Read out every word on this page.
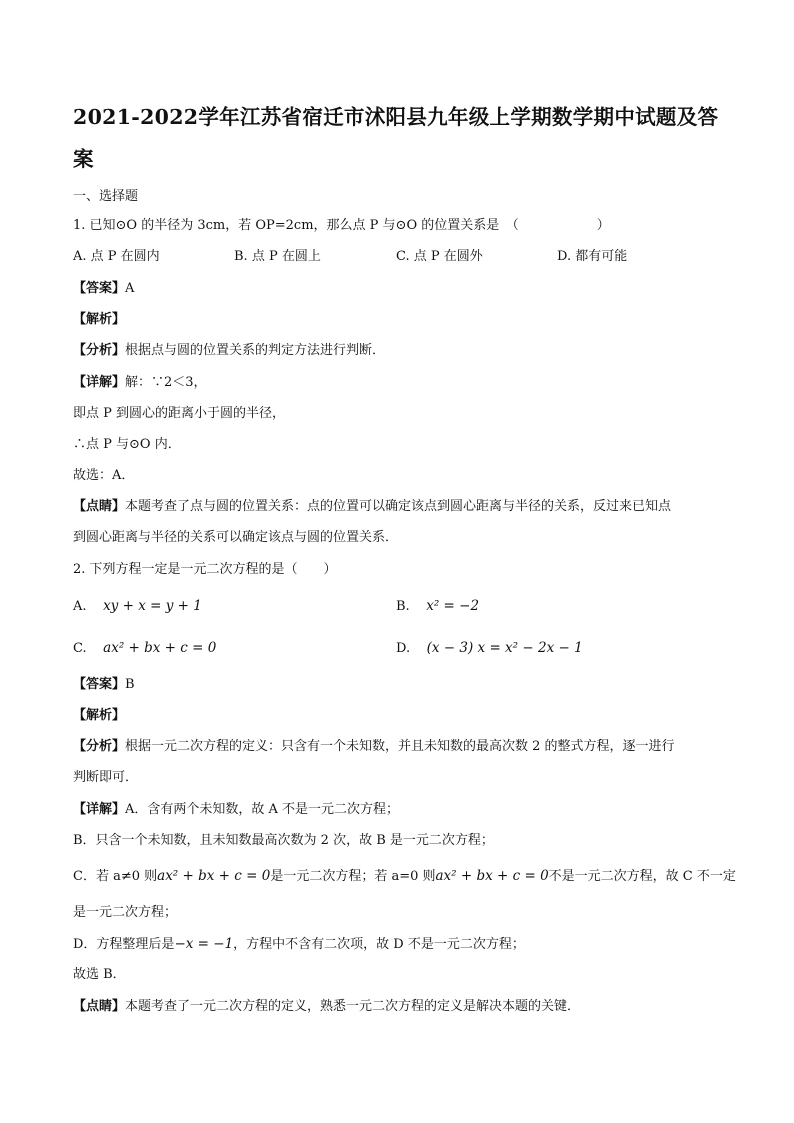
2021-2022学年江苏省宿迁市沭阳县九年级上学期数学期中试题及答
案
一、选择题
1. 已知⊙O 的半径为 3cm，若 OP=2cm，那么点 P 与⊙O 的位置关系是　（	）
A. 点 P 在圆内	B. 点 P 在圆上	C. 点 P 在圆外	D. 都有可能
【答案】A
【解析】
【分析】根据点与圆的位置关系的判定方法进行判断．
【详解】解：∵2＜3，
即点 P 到圆心的距离小于圆的半径，
∴点 P 与⊙O 内．
故选：A．
【点睛】本题考查了点与圆的位置关系：点的位置可以确定该点到圆心距离与半径的关系，反过来已知点
到圆心距离与半径的关系可以确定该点与圆的位置关系．
2. 下列方程一定是一元二次方程的是（　　）
A. xy + x = y + 1	B. x² = −2
C. ax² + bx + c = 0	D. (x − 3) x = x² − 2x − 1
【答案】B
【解析】
【分析】根据一元二次方程的定义：只含有一个未知数，并且未知数的最高次数 2 的整式方程，逐一进行
判断即可．
【详解】A．含有两个未知数，故 A 不是一元二次方程；
B．只含一个未知数，且未知数最高次数为 2 次，故 B 是一元二次方程；
C．若 a≠0 则ax² + bx + c = 0是一元二次方程；若 a=0 则ax² + bx + c = 0不是一元二次方程，故 C 不一定
是一元二次方程；
D．方程整理后是−x = −1，方程中不含有二次项，故 D 不是一元二次方程；
故选 B．
【点睛】本题考查了一元二次方程的定义，熟悉一元二次方程的定义是解决本题的关键．
